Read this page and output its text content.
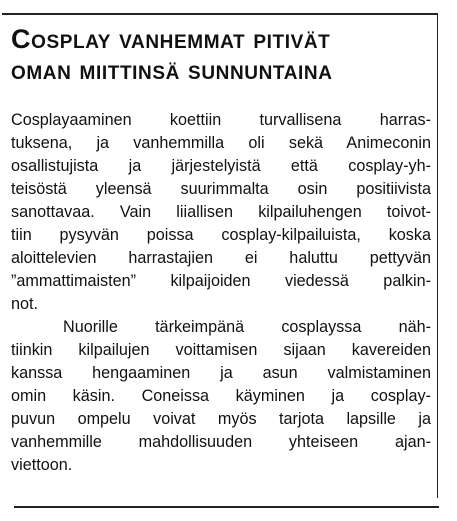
Cosplay vanhemmat pitivät
oman miittinsä sunnuntaina
Cosplayaaminen koettiin turvallisena harras-
tuksena, ja vanhemmilla oli sekä Animeconin
osallistujista ja järjestelyistä että cosplay-yh-
teisöstä yleensä suurimmalta osin positiivista
sanottavaa. Vain liiallisen kilpailuhengen toivot-
tiin pysyvän poissa cosplay-kilpailuista, koska
aloittelevien harrastajien ei haluttu pettyvän
”ammattimaisten” kilpaijoiden viedessä palkin-
not.
Nuorille tärkeimpänä cosplayssa näh-
tiinkin kilpailujen voittamisen sijaan kavereiden
kanssa hengaaminen ja asun valmistaminen
omin käsin. Coneissa käyminen ja cosplay-
puvun ompelu voivat myös tarjota lapsille ja
vanhemmille mahdollisuuden yhteiseen ajan-
viettoon.
